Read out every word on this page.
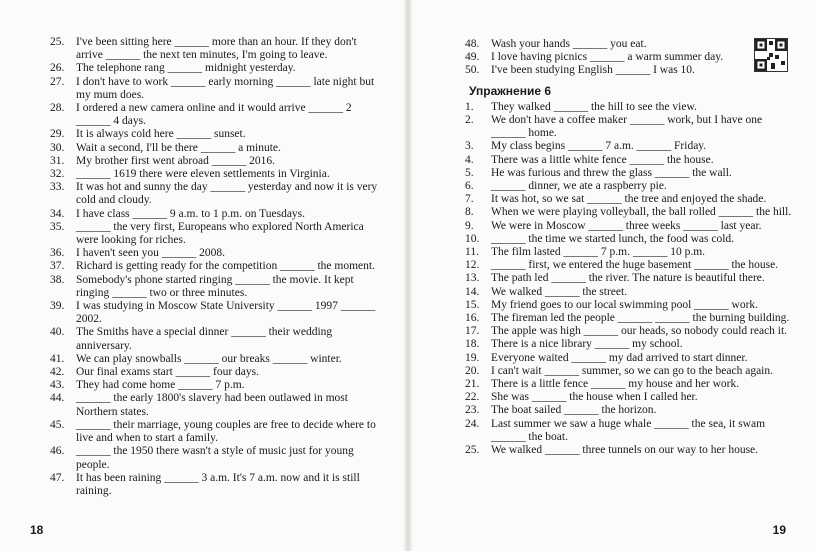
25. I've been sitting here ______ more than an hour. If they don't arrive ______ the next ten minutes, I'm going to leave.
26. The telephone rang ______ midnight yesterday.
27. I don't have to work ______ early morning ______ late night but my mum does.
28. I ordered a new camera online and it would arrive ______ 2 ______ 4 days.
29. It is always cold here ______ sunset.
30. Wait a second, I'll be there ______ a minute.
31. My brother first went abroad ______ 2016.
32. ______ 1619 there were eleven settlements in Virginia.
33. It was hot and sunny the day ______ yesterday and now it is very cold and cloudy.
34. I have class ______ 9 a.m. to 1 p.m. on Tuesdays.
35. ______ the very first, Europeans who explored North America were looking for riches.
36. I haven't seen you ______ 2008.
37. Richard is getting ready for the competition ______ the moment.
38. Somebody's phone started ringing ______ the movie. It kept ringing ______ two or three minutes.
39. I was studying in Moscow State University ______ 1997 ______ 2002.
40. The Smiths have a special dinner ______ their wedding anniversary.
41. We can play snowballs ______ our breaks ______ winter.
42. Our final exams start ______ four days.
43. They had come home ______ 7 p.m.
44. ______ the early 1800's slavery had been outlawed in most Northern states.
45. ______ their marriage, young couples are free to decide where to live and when to start a family.
46. ______ the 1950 there wasn't a style of music just for young people.
47. It has been raining ______ 3 a.m. It's 7 a.m. now and it is still raining.
18
48. Wash your hands ______ you eat.
49. I love having picnics ______ a warm summer day.
50. I've been studying English ______ I was 10.
Упражнение 6
1. They walked ______ the hill to see the view.
2. We don't have a coffee maker ______ work, but I have one ______ home.
3. My class begins ______ 7 a.m. ______ Friday.
4. There was a little white fence ______ the house.
5. He was furious and threw the glass ______ the wall.
6. ______ dinner, we ate a raspberry pie.
7. It was hot, so we sat ______ the tree and enjoyed the shade.
8. When we were playing volleyball, the ball rolled ______ the hill.
9. We were in Moscow ______ three weeks ______ last year.
10. ______ the time we started lunch, the food was cold.
11. The film lasted ______ 7 p.m. ______ 10 p.m.
12. ______ first, we entered the huge basement ______ the house.
13. The path led ______ the river. The nature is beautiful there.
14. We walked ______ the street.
15. My friend goes to our local swimming pool ______ work.
16. The fireman led the people ______ ______ the burning building.
17. The apple was high ______ our heads, so nobody could reach it.
18. There is a nice library ______ my school.
19. Everyone waited ______ my dad arrived to start dinner.
20. I can't wait ______ summer, so we can go to the beach again.
21. There is a little fence ______ my house and her work.
22. She was ______ the house when I called her.
23. The boat sailed ______ the horizon.
24. Last summer we saw a huge whale ______ the sea, it swam ______ the boat.
25. We walked ______ three tunnels on our way to her house.
19
